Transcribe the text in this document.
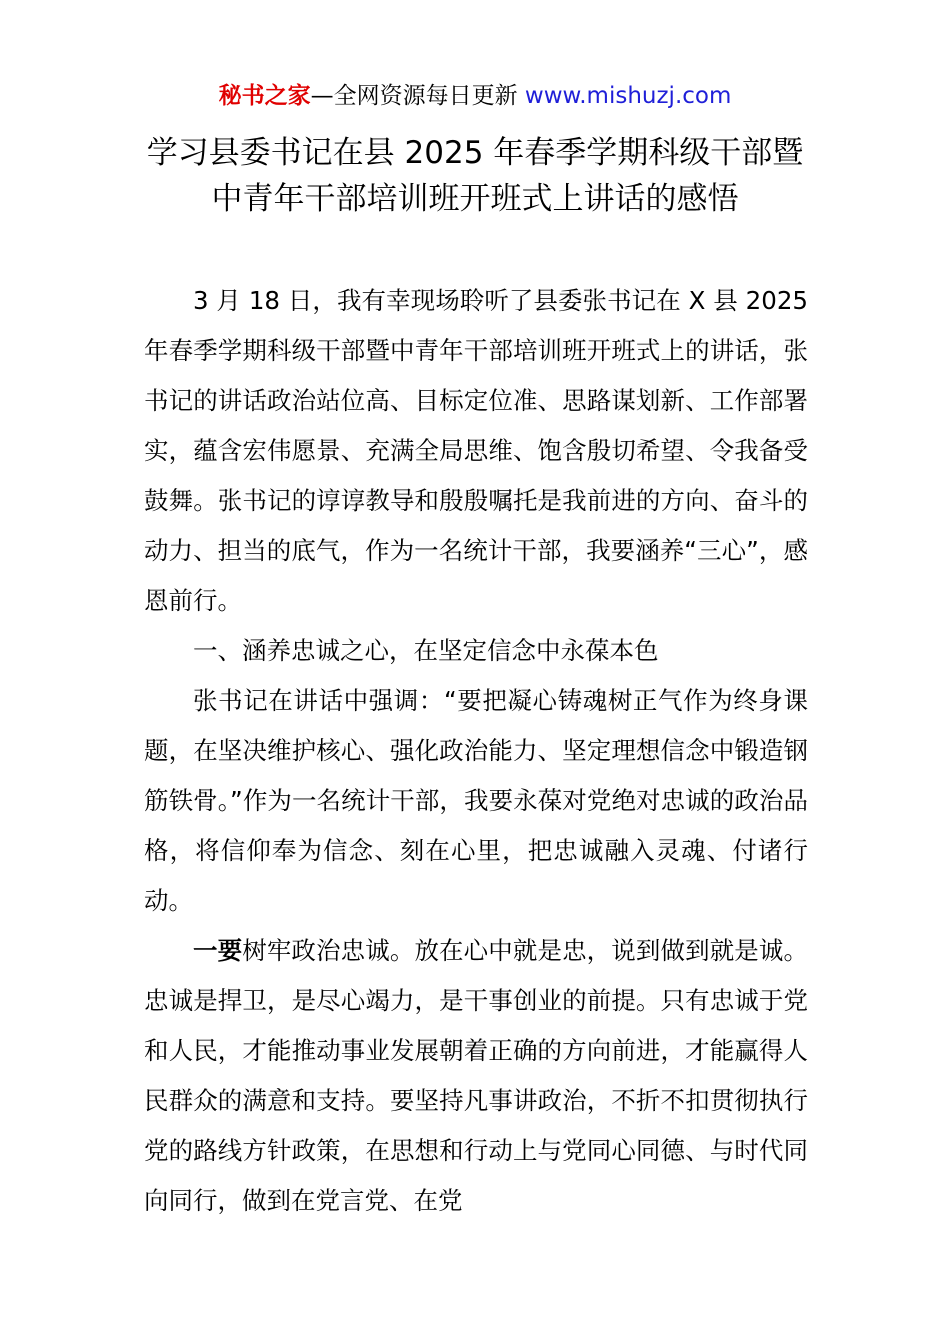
秘书之家—全网资源每日更新 www.mishuzj.com
学习县委书记在县 2025 年春季学期科级干部暨
中青年干部培训班开班式上讲话的感悟

3 月 18 日，我有幸现场聆听了县委张书记在 X 县 2025 年春季学期科级干部暨中青年干部培训班开班式上的讲话，张书记的讲话政治站位高、目标定位准、思路谋划新、工作部署实，蕴含宏伟愿景、充满全局思维、饱含殷切希望、令我备受鼓舞。张书记的谆谆教导和殷殷嘱托是我前进的方向、奋斗的动力、担当的底气，作为一名统计干部，我要涵养“三心”，感恩前行。

一、涵养忠诚之心，在坚定信念中永葆本色

张书记在讲话中强调：“要把凝心铸魂树正气作为终身课题，在坚决维护核心、强化政治能力、坚定理想信念中锻造钢筋铁骨。”作为一名统计干部，我要永葆对党绝对忠诚的政治品格，将信仰奉为信念、刻在心里，把忠诚融入灵魂、付诸行动。

一要树牢政治忠诚。放在心中就是忠，说到做到就是诚。忠诚是捍卫，是尽心竭力，是干事创业的前提。只有忠诚于党和人民，才能推动事业发展朝着正确的方向前进，才能赢得人民群众的满意和支持。要坚持凡事讲政治，不折不扣贯彻执行党的路线方针政策，在思想和行动上与党同心同德、与时代同向同行，做到在党言党、在党
